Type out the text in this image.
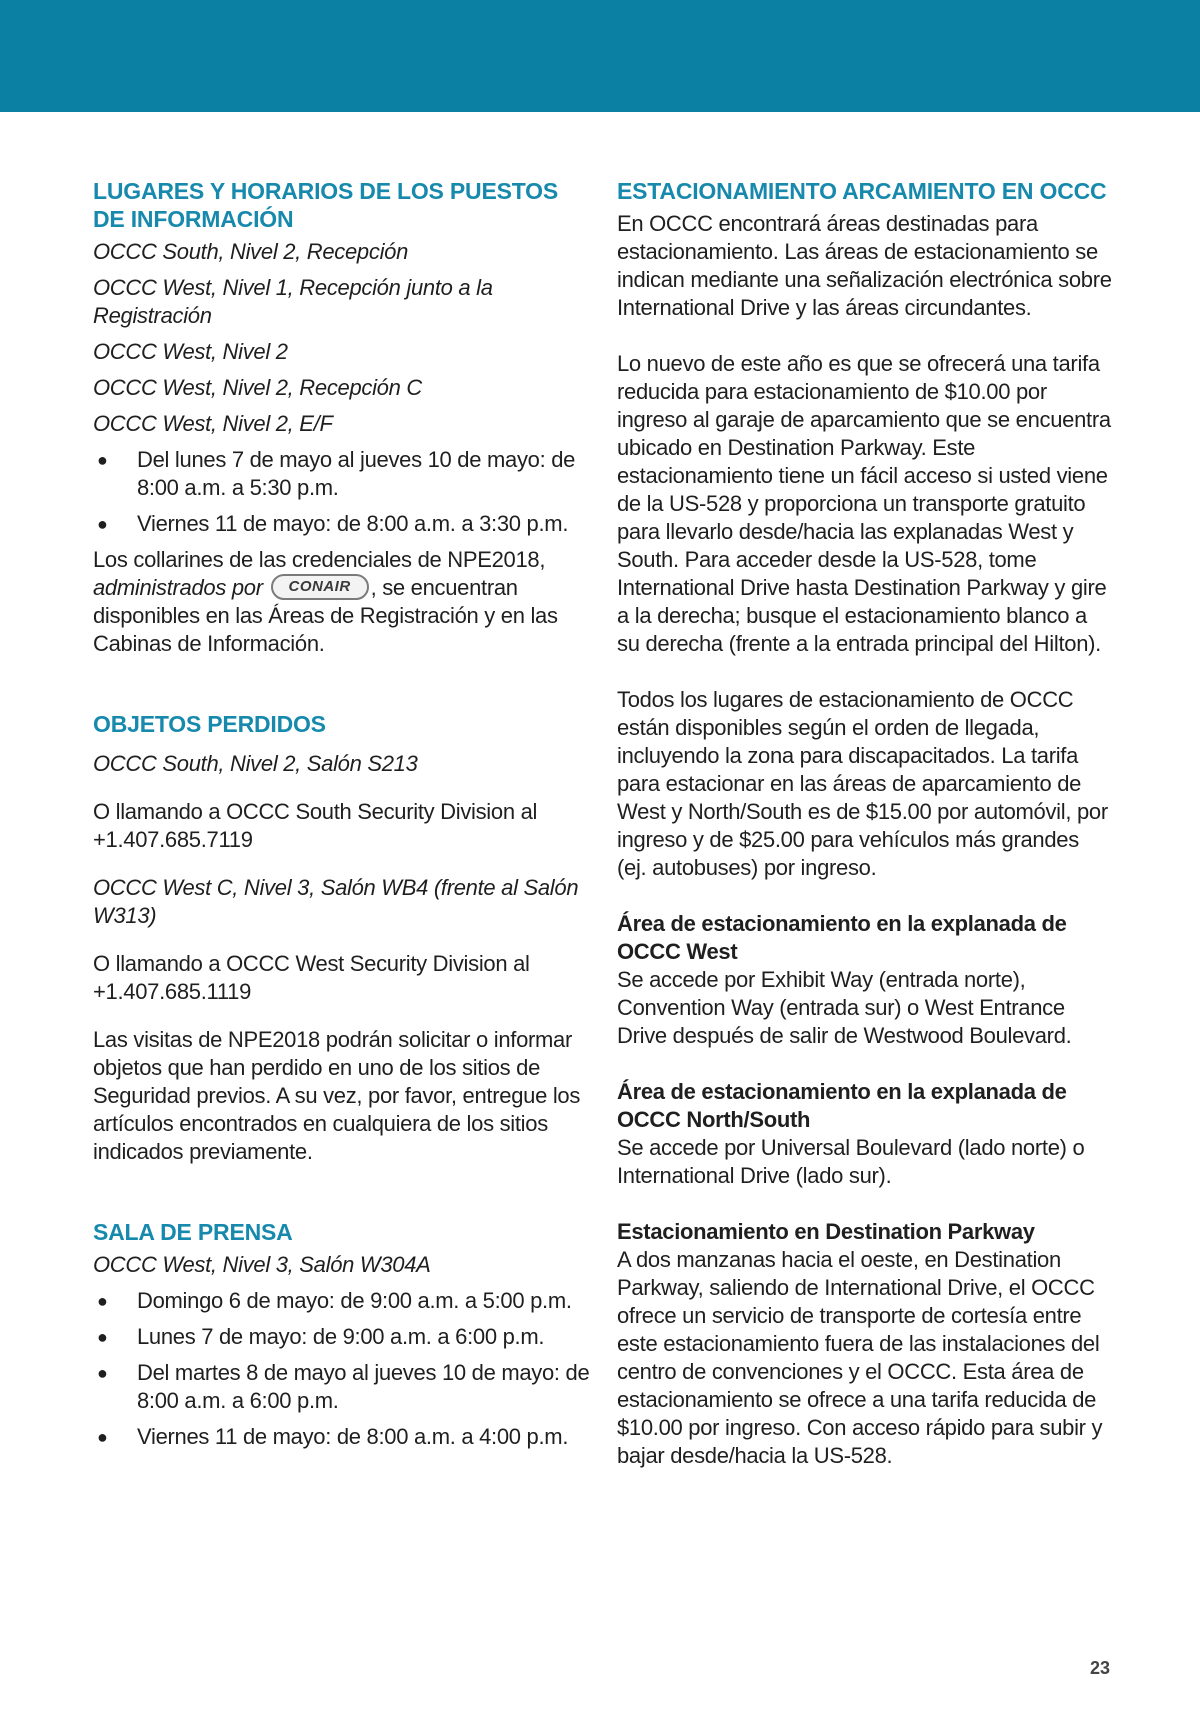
LUGARES Y HORARIOS DE LOS PUESTOS DE INFORMACIÓN

OCCC South, Nivel 2, Recepción

OCCC West, Nivel 1, Recepción junto a la Registración

OCCC West, Nivel 2

OCCC West, Nivel 2, Recepción C

OCCC West, Nivel 2, E/F

● Del lunes 7 de mayo al jueves 10 de mayo: de 8:00 a.m. a 5:30 p.m.
● Viernes 11 de mayo: de 8:00 a.m. a 3:30 p.m.

Los collarines de las credenciales de NPE2018,
administrados por CONAIR , se encuentran disponibles en las Áreas de Registración y en las Cabinas de Información.

OBJETOS PERDIDOS

OCCC South, Nivel 2, Salón S213

O llamando a OCCC South Security Division al +1.407.685.7119

OCCC West C, Nivel 3, Salón WB4 (frente al Salón W313)

O llamando a OCCC West Security Division al +1.407.685.1119

Las visitas de NPE2018 podrán solicitar o informar objetos que han perdido en uno de los sitios de Seguridad previos. A su vez, por favor, entregue los artículos encontrados en cualquiera de los sitios indicados previamente.

SALA DE PRENSA

OCCC West, Nivel 3, Salón W304A

● Domingo 6 de mayo: de 9:00 a.m. a 5:00 p.m.
● Lunes 7 de mayo: de 9:00 a.m. a 6:00 p.m.
● Del martes 8 de mayo al jueves 10 de mayo: de 8:00 a.m. a 6:00 p.m.
● Viernes 11 de mayo: de 8:00 a.m. a 4:00 p.m.
ESTACIONAMIENTO ARCAMIENTO EN OCCC

En OCCC encontrará áreas destinadas para estacionamiento. Las áreas de estacionamiento se indican mediante una señalización electrónica sobre International Drive y las áreas circundantes.

Lo nuevo de este año es que se ofrecerá una tarifa reducida para estacionamiento de $10.00 por ingreso al garaje de aparcamiento que se encuentra ubicado en Destination Parkway. Este estacionamiento tiene un fácil acceso si usted viene de la US-528 y proporciona un transporte gratuito para llevarlo desde/hacia las explanadas West y South. Para acceder desde la US-528, tome International Drive hasta Destination Parkway y gire a la derecha; busque el estacionamiento blanco a su derecha (frente a la entrada principal del Hilton).

Todos los lugares de estacionamiento de OCCC están disponibles según el orden de llegada, incluyendo la zona para discapacitados. La tarifa para estacionar en las áreas de aparcamiento de West y North/South es de $15.00 por automóvil, por ingreso y de $25.00 para vehículos más grandes (ej. autobuses) por ingreso.

Área de estacionamiento en la explanada de OCCC West

Se accede por Exhibit Way (entrada norte), Convention Way (entrada sur) o West Entrance Drive después de salir de Westwood Boulevard.

Área de estacionamiento en la explanada de OCCC North/South

Se accede por Universal Boulevard (lado norte) o International Drive (lado sur).

Estacionamiento en Destination Parkway

A dos manzanas hacia el oeste, en Destination Parkway, saliendo de International Drive, el OCCC ofrece un servicio de transporte de cortesía entre este estacionamiento fuera de las instalaciones del centro de convenciones y el OCCC. Esta área de estacionamiento se ofrece a una tarifa reducida de $10.00 por ingreso. Con acceso rápido para subir y bajar desde/hacia la US-528.

23
